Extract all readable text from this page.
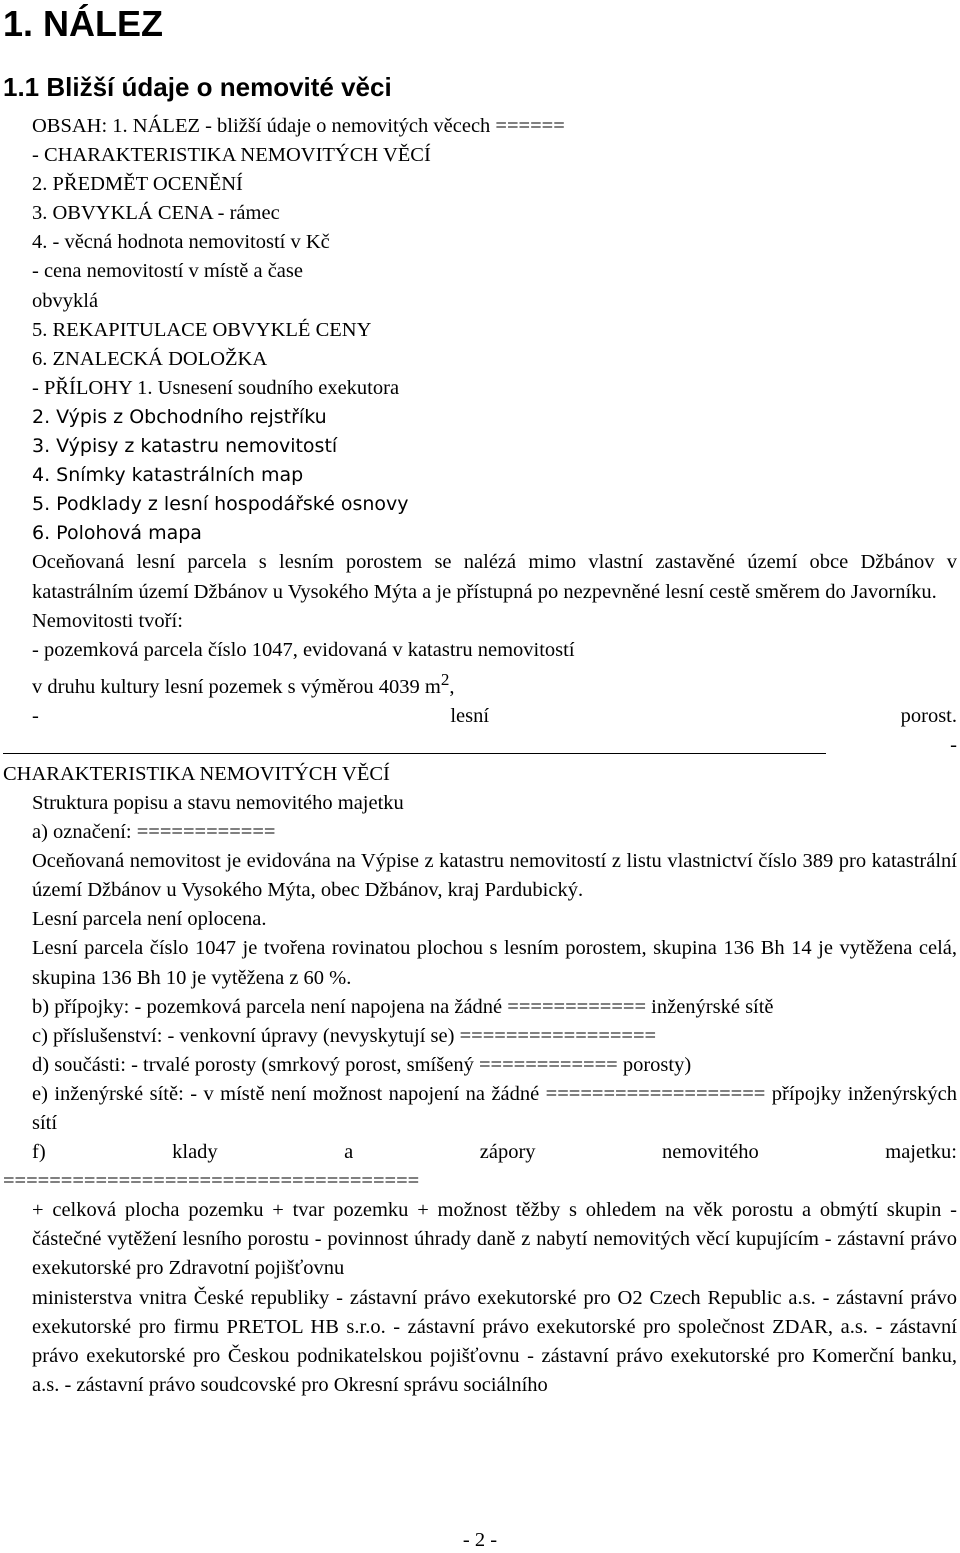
1. NÁLEZ
1.1 Bližší údaje o nemovité věci

OBSAH: 1. NÁLEZ - bližší údaje o nemovitých věcech ======

- CHARAKTERISTIKA NEMOVITÝCH VĚCÍ

2. PŘEDMĚT OCENĚNÍ

3. OBVYKLÁ CENA - rámec

4. - věcná hodnota nemovitostí v Kč

- cena nemovitostí v místě a čase

obvyklá

5. REKAPITULACE OBVYKLÉ CENY

6. ZNALECKÁ DOLOŽKA

- PŘÍLOHY 1. Usnesení soudního exekutora

2. Výpis z Obchodního rejstříku

3. Výpisy z katastru nemovitostí

4. Snímky katastrálních map

5. Podklady z lesní hospodářské osnovy

6. Polohová mapa

Oceňovaná lesní parcela s lesním porostem se nalézá mimo vlastní zastavěné území obce Džbánov v katastrálním území Džbánov u Vysokého Mýta a je přístupná po nezpevněné lesní cestě směrem do Javorníku.

Nemovitosti tvoří:

- pozemková parcela číslo 1047, evidovaná v katastru nemovitostí

v druhu kultury lesní pozemek s výměrou 4039 $m^2$,

- lesní porost.

-

CHARAKTERISTIKA NEMOVITÝCH VĚCÍ

Struktura popisu a stavu nemovitého majetku

a) označení: ============

Oceňovaná nemovitost je evidována na Výpise z katastru nemovitostí z listu vlastnictví číslo 389 pro katastrální území Džbánov u Vysokého Mýta, obec Džbánov, kraj Pardubický.

Lesní parcela není oplocena.

Lesní parcela číslo 1047 je tvořena rovinatou plochou s lesním porostem, skupina 136 Bh 14 je vytěžena celá, skupina 136 Bh 10 je vytěžena z 60 %.

b) přípojky: - pozemková parcela není napojena na žádné ============ inženýrské sítě

c) příslušenství: - venkovní úpravy (nevyskytují se) =================

d) součásti: - trvalé porosty (smrkový porost, smíšený ============ porosty)

e) inženýrské sítě: - v místě není možnost napojení na žádné =================== přípojky inženýrských sítí

f) klady a zápory nemovitého majetku:

====================================

+ celková plocha pozemku + tvar pozemku + možnost těžby s ohledem na věk porostu a obmýtí skupin - částečné vytěžení lesního porostu - povinnost úhrady daně z nabytí nemovitých věcí kupujícím - zástavní právo exekutorské pro Zdravotní pojišťovnu

ministerstva vnitra České republiky - zástavní právo exekutorské pro O2 Czech Republic a.s. - zástavní právo exekutorské pro firmu PRETOL HB s.r.o. - zástavní právo exekutorské pro společnost ZDAR, a.s. - zástavní právo exekutorské pro Českou podnikatelskou pojišťovnu - zástavní právo exekutorské pro Komerční banku, a.s. - zástavní právo soudcovské pro Okresní správu sociálního

- 2 -
